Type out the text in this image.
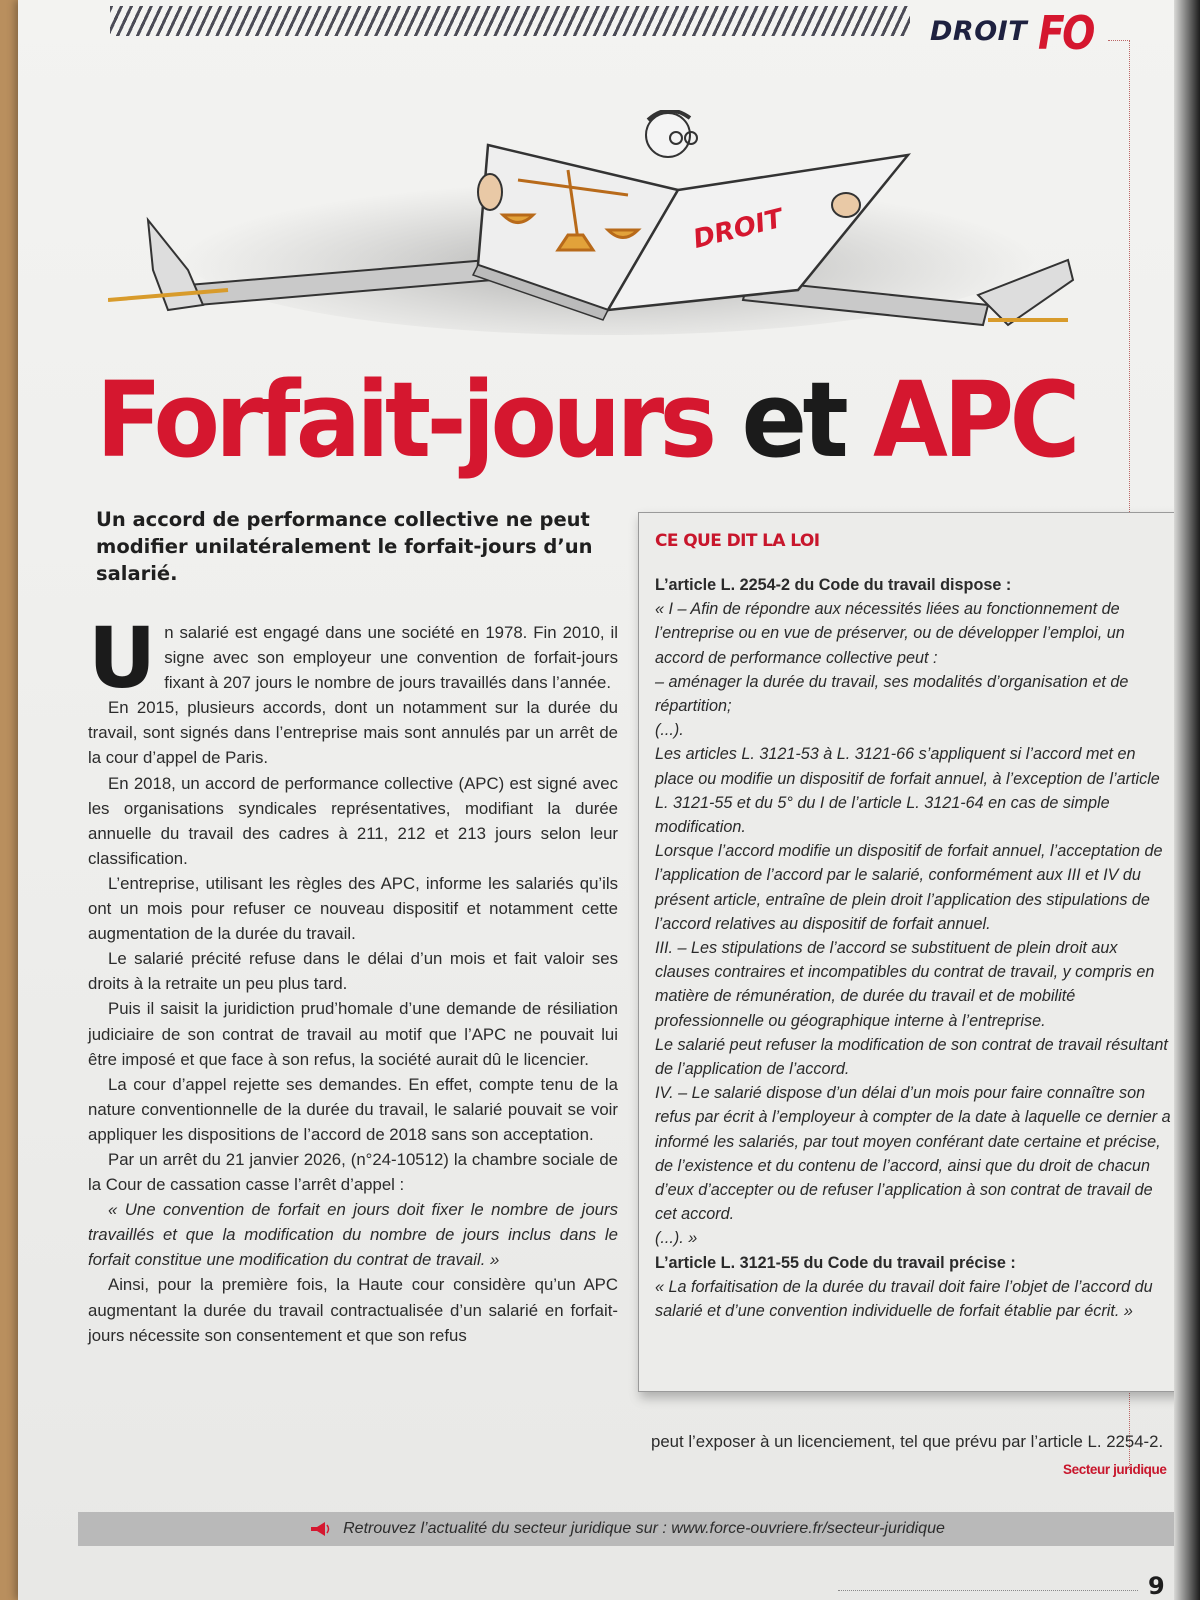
DROIT FO
DROIT
Forfait-jours et APC
Un accord de performance collective ne peut modifier unilatéralement le forfait-jours d’un salarié.

Un salarié est engagé dans une société en 1978. Fin 2010, il signe avec son employeur une convention de forfait-jours fixant à 207 jours le nombre de jours travaillés dans l’année.

En 2015, plusieurs accords, dont un notamment sur la durée du travail, sont signés dans l’entreprise mais sont annulés par un arrêt de la cour d’appel de Paris.

En 2018, un accord de performance collective (APC) est signé avec les organisations syndicales représentatives, modifiant la durée annuelle du travail des cadres à 211, 212 et 213 jours selon leur classification.

L’entreprise, utilisant les règles des APC, informe les salariés qu’ils ont un mois pour refuser ce nouveau dispositif et notamment cette augmentation de la durée du travail.

Le salarié précité refuse dans le délai d’un mois et fait valoir ses droits à la retraite un peu plus tard.

Puis il saisit la juridiction prud’homale d’une demande de résiliation judiciaire de son contrat de travail au motif que l’APC ne pouvait lui être imposé et que face à son refus, la société aurait dû le licencier.

La cour d’appel rejette ses demandes. En effet, compte tenu de la nature conventionnelle de la durée du travail, le salarié pouvait se voir appliquer les dispositions de l’accord de 2018 sans son acceptation.

Par un arrêt du 21 janvier 2026, (n°24-10512) la chambre sociale de la Cour de cassation casse l’arrêt d’appel :

« Une convention de forfait en jours doit fixer le nombre de jours travaillés et que la modification du nombre de jours inclus dans le forfait constitue une modification du contrat de travail. »

Ainsi, pour la première fois, la Haute cour considère qu’un APC augmentant la durée du travail contractualisée d’un salarié en forfait-jours nécessite son consentement et que son refus

CE QUE DIT LA LOI
L’article L. 2254-2 du Code du travail dispose :
« I – Afin de répondre aux nécessités liées au fonctionnement de l’entreprise ou en vue de préserver, ou de développer l’emploi, un accord de performance collective peut :
– aménager la durée du travail, ses modalités d’organisation et de répartition;
(...).
Les articles L. 3121-53 à L. 3121-66 s’appliquent si l’accord met en place ou modifie un dispositif de forfait annuel, à l’exception de l’article L. 3121-55 et du 5° du I de l’article L. 3121-64 en cas de simple modification.
Lorsque l’accord modifie un dispositif de forfait annuel, l’acceptation de l’application de l’accord par le salarié, conformément aux III et IV du présent article, entraîne de plein droit l’application des stipulations de l’accord relatives au dispositif de forfait annuel.
III. – Les stipulations de l’accord se substituent de plein droit aux clauses contraires et incompatibles du contrat de travail, y compris en matière de rémunération, de durée du travail et de mobilité professionnelle ou géographique interne à l’entreprise.
Le salarié peut refuser la modification de son contrat de travail résultant de l’application de l’accord.
IV. – Le salarié dispose d’un délai d’un mois pour faire connaître son refus par écrit à l’employeur à compter de la date à laquelle ce dernier a informé les salariés, par tout moyen conférant date certaine et précise, de l’existence et du contenu de l’accord, ainsi que du droit de chacun d’eux d’accepter ou de refuser l’application à son contrat de travail de cet accord.
(...). »
L’article L. 3121-55 du Code du travail précise :
« La forfaitisation de la durée du travail doit faire l’objet de l’accord du salarié et d’une convention individuelle de forfait établie par écrit. »
peut l’exposer à un licenciement, tel que prévu par l’article L. 2254-2.
Secteur juridique
Retrouvez l’actualité du secteur juridique sur : www.force-ouvriere.fr/secteur-juridique
9
